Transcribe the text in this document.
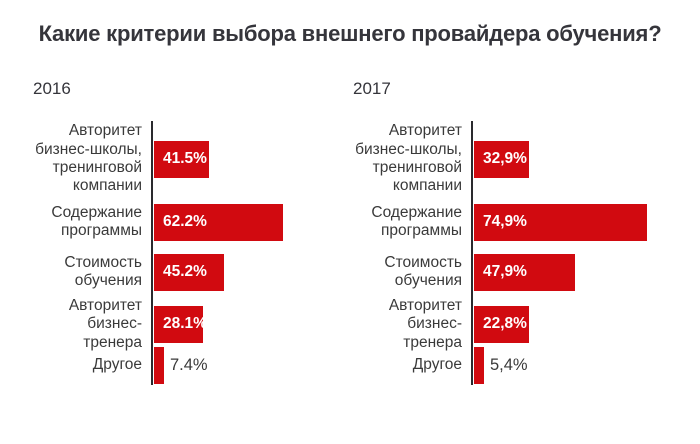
Какие критерии выбора внешнего провайдера обучения?
2016
Авторитет бизнес-школы, тренинговой компании
41.5%
Содержание программы
62.2%
Стоимость обучения
45.2%
Авторитет бизнес-тренера
28.1%
Другое	7.4%
2017
Авторитет бизнес-школы, тренинговой компании
32,9%
Содержание программы
74,9%
Стоимость обучения
47,9%
Авторитет бизнес-тренера
22,8%
Другое	5,4%
